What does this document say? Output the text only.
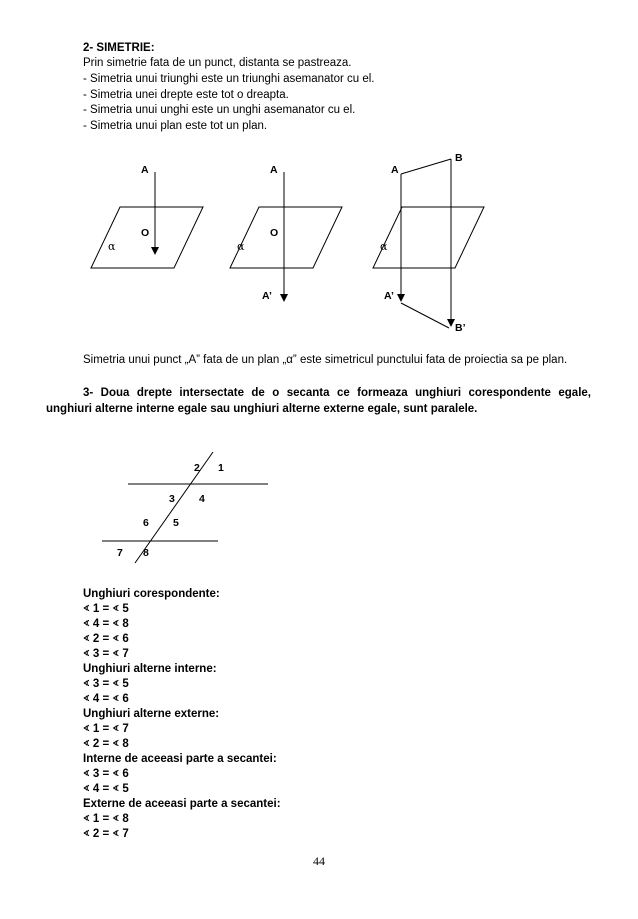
2- SIMETRIE:
Prin simetrie fata de un punct, distanta se pastreaza.
- Simetria unui triunghi este un triunghi asemanator cu el.
- Simetria unei drepte este tot o dreapta.
- Simetria unui unghi este un unghi asemanator cu el.
- Simetria unui plan este tot un plan.
A
O
α
A
O
α
A’
A
B
α
A’
B’
2 1
3 4
6 5
7 8
Simetria unui punct „A” fata de un plan „α” este simetricul punctului fata de proiectia sa pe plan.
3- Doua drepte intersectate de o secanta ce formeaza unghiuri corespondente egale,
unghiuri alterne interne egale sau unghiuri alterne externe egale, sunt paralele.
Unghiuri corespondente:
∢ 1 = ∢ 5
∢ 4 = ∢ 8
∢ 2 = ∢ 6
∢ 3 = ∢ 7
Unghiuri alterne interne:
∢ 3 = ∢ 5
∢ 4 = ∢ 6
Unghiuri alterne externe:
∢ 1 = ∢ 7
∢ 2 = ∢ 8
Interne de aceeasi parte a secantei:
∢ 3 = ∢ 6
∢ 4 = ∢ 5
Externe de aceeasi parte a secantei:
∢ 1 = ∢ 8
∢ 2 = ∢ 7
44
